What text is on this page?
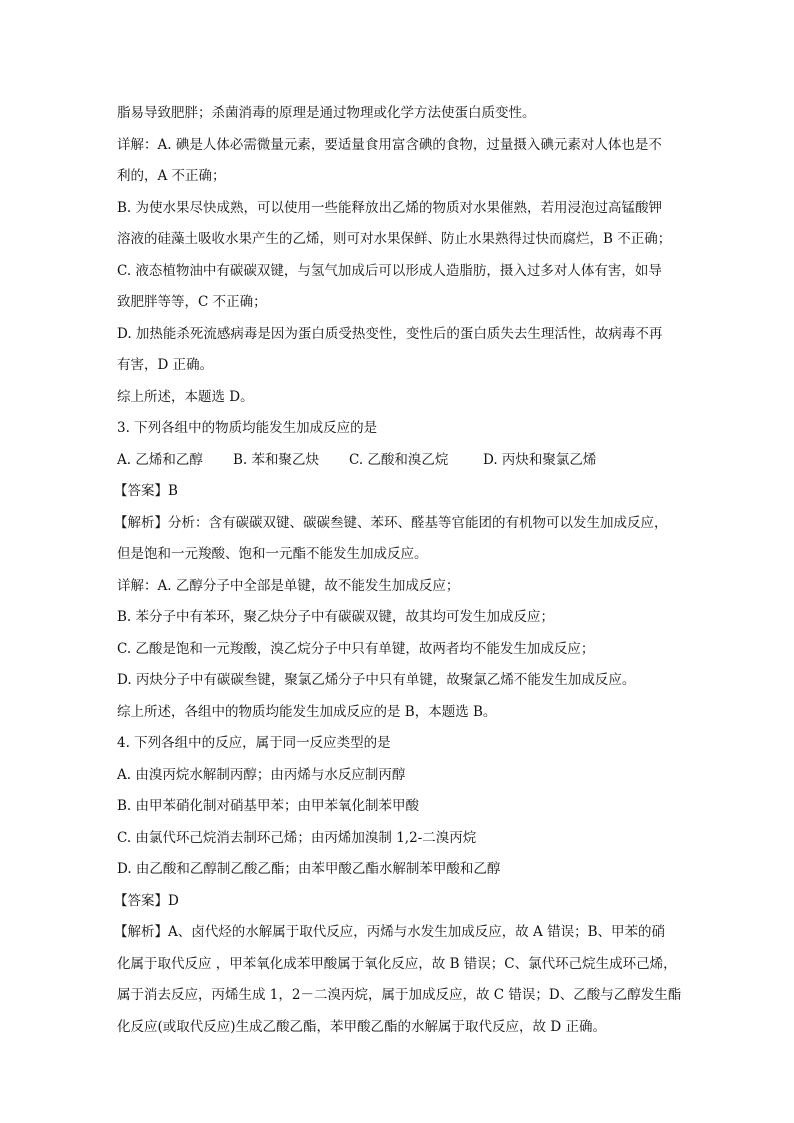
脂易导致肥胖；杀菌消毒的原理是通过物理或化学方法使蛋白质变性。
详解：A. 碘是人体必需微量元素，要适量食用富含碘的食物，过量摄入碘元素对人体也是不
利的，A 不正确；
B. 为使水果尽快成熟，可以使用一些能释放出乙烯的物质对水果催熟，若用浸泡过高锰酸钾
溶液的硅藻土吸收水果产生的乙烯，则可对水果保鲜、防止水果熟得过快而腐烂，B 不正确；
C. 液态植物油中有碳碳双键，与氢气加成后可以形成人造脂肪，摄入过多对人体有害，如导
致肥胖等等，C 不正确；
D. 加热能杀死流感病毒是因为蛋白质受热变性，变性后的蛋白质失去生理活性，故病毒不再
有害，D 正确。
综上所述，本题选 D。
3. 下列各组中的物质均能发生加成反应的是
A. 乙烯和乙醇 B. 苯和聚乙炔 C. 乙酸和溴乙烷	D. 丙炔和聚氯乙烯
【答案】B
【解析】分析：含有碳碳双键、碳碳叁键、苯环、醛基等官能团的有机物可以发生加成反应，
但是饱和一元羧酸、饱和一元酯不能发生加成反应。
详解：A. 乙醇分子中全部是单键，故不能发生加成反应；
B. 苯分子中有苯环，聚乙炔分子中有碳碳双键，故其均可发生加成反应；
C. 乙酸是饱和一元羧酸，溴乙烷分子中只有单键，故两者均不能发生加成反应；
D. 丙炔分子中有碳碳叁键，聚氯乙烯分子中只有单键，故聚氯乙烯不能发生加成反应。
综上所述，各组中的物质均能发生加成反应的是 B，本题选 B。
4. 下列各组中的反应，属于同一反应类型的是
A. 由溴丙烷水解制丙醇；由丙烯与水反应制丙醇
B. 由甲苯硝化制对硝基甲苯；由甲苯氧化制苯甲酸
C. 由氯代环己烷消去制环己烯；由丙烯加溴制 1,2-二溴丙烷
D. 由乙酸和乙醇制乙酸乙酯；由苯甲酸乙酯水解制苯甲酸和乙醇
【答案】D
【解析】A、卤代烃的水解属于取代反应，丙烯与水发生加成反应，故 A 错误；B、甲苯的硝
化属于取代反应 ，甲苯氧化成苯甲酸属于氧化反应，故 B 错误；C、氯代环己烷生成环己烯，
属于消去反应，丙烯生成 1，2－二溴丙烷，属于加成反应，故 C 错误；D、乙酸与乙醇发生酯
化反应(或取代反应)生成乙酸乙酯，苯甲酸乙酯的水解属于取代反应，故 D 正确。
